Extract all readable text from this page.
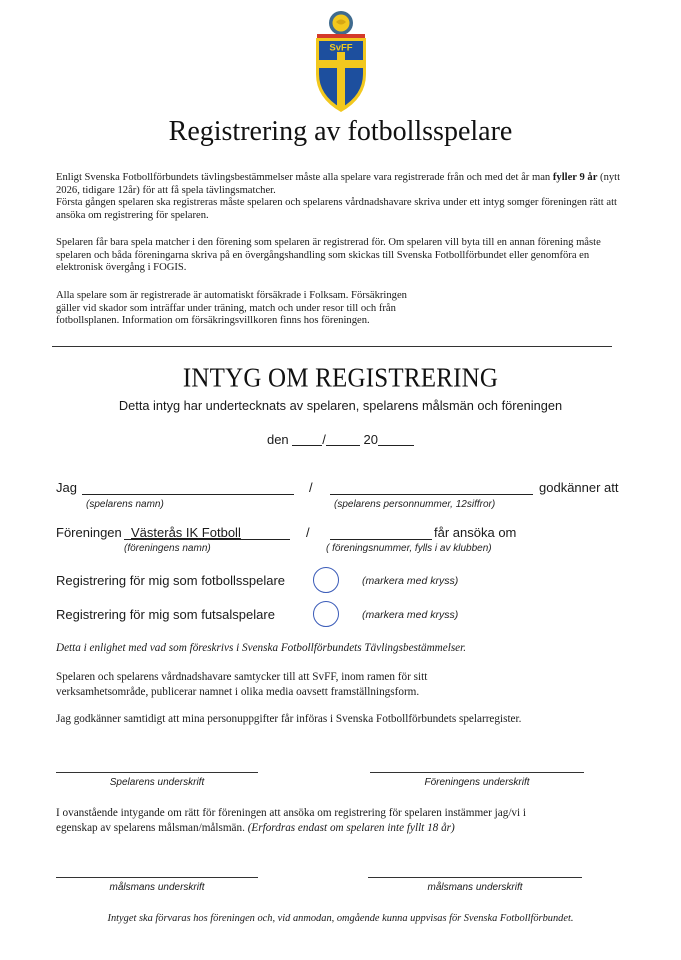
SvFF
Registrering av fotbollsspelare
Enligt Svenska Fotbollförbundets tävlingsbestämmelser måste alla spelare vara registrerade från och med det år man fyller 9 år (nytt 2026, tidigare 12år) för att få spela tävlingsmatcher.
Första gången spelaren ska registreras måste spelaren och spelarens vårdnadshavare skriva under ett intyg somger föreningen rätt att ansöka om registrering för spelaren.
Spelaren får bara spela matcher i den förening som spelaren är registrerad för. Om spelaren vill byta till en annan förening måste spelaren och båda föreningarna skriva på en övergångshandling som skickas till Svenska Fotbollförbundet eller genomföra en elektronisk övergång i FOGIS.
Alla spelare som är registrerade är automatiskt försäkrade i Folksam. Försäkringen
gäller vid skador som inträffar under träning, match och under resor till och från
fotbollsplanen. Information om försäkringsvillkoren finns hos föreningen.
INTYG OM REGISTRERING
Detta intyg har undertecknats av spelaren, spelarens målsmän och föreningen
den	/	20
Jag	/	godkänner att
(spelarens namn)	(spelarens personnummer, 12siffror)
Föreningen Västerås IK Fotboll	/	får ansöka om
(föreningens namn)	( föreningsnummer, fylls i av klubben)
Registrering för mig som fotbollsspelare	(markera med kryss)
Registrering för mig som futsalspelare	(markera med kryss)
Detta i enlighet med vad som föreskrivs i Svenska Fotbollförbundets Tävlingsbestämmelser.
Spelaren och spelarens vårdnadshavare samtycker till att SvFF, inom ramen för sitt
verksamhetsområde, publicerar namnet i olika media oavsett framställningsform.
Jag godkänner samtidigt att mina personuppgifter får införas i Svenska Fotbollförbundets spelarregister.
Spelarens underskrift	Föreningens underskrift
I ovanstående intygande om rätt för föreningen att ansöka om registrering för spelaren instämmer jag/vi i
egenskap av spelarens målsman/målsmän. (Erfordras endast om spelaren inte fyllt 18 år)
målsmans underskrift	målsmans underskrift
Intyget ska förvaras hos föreningen och, vid anmodan, omgående kunna uppvisas för Svenska Fotbollförbundet.
